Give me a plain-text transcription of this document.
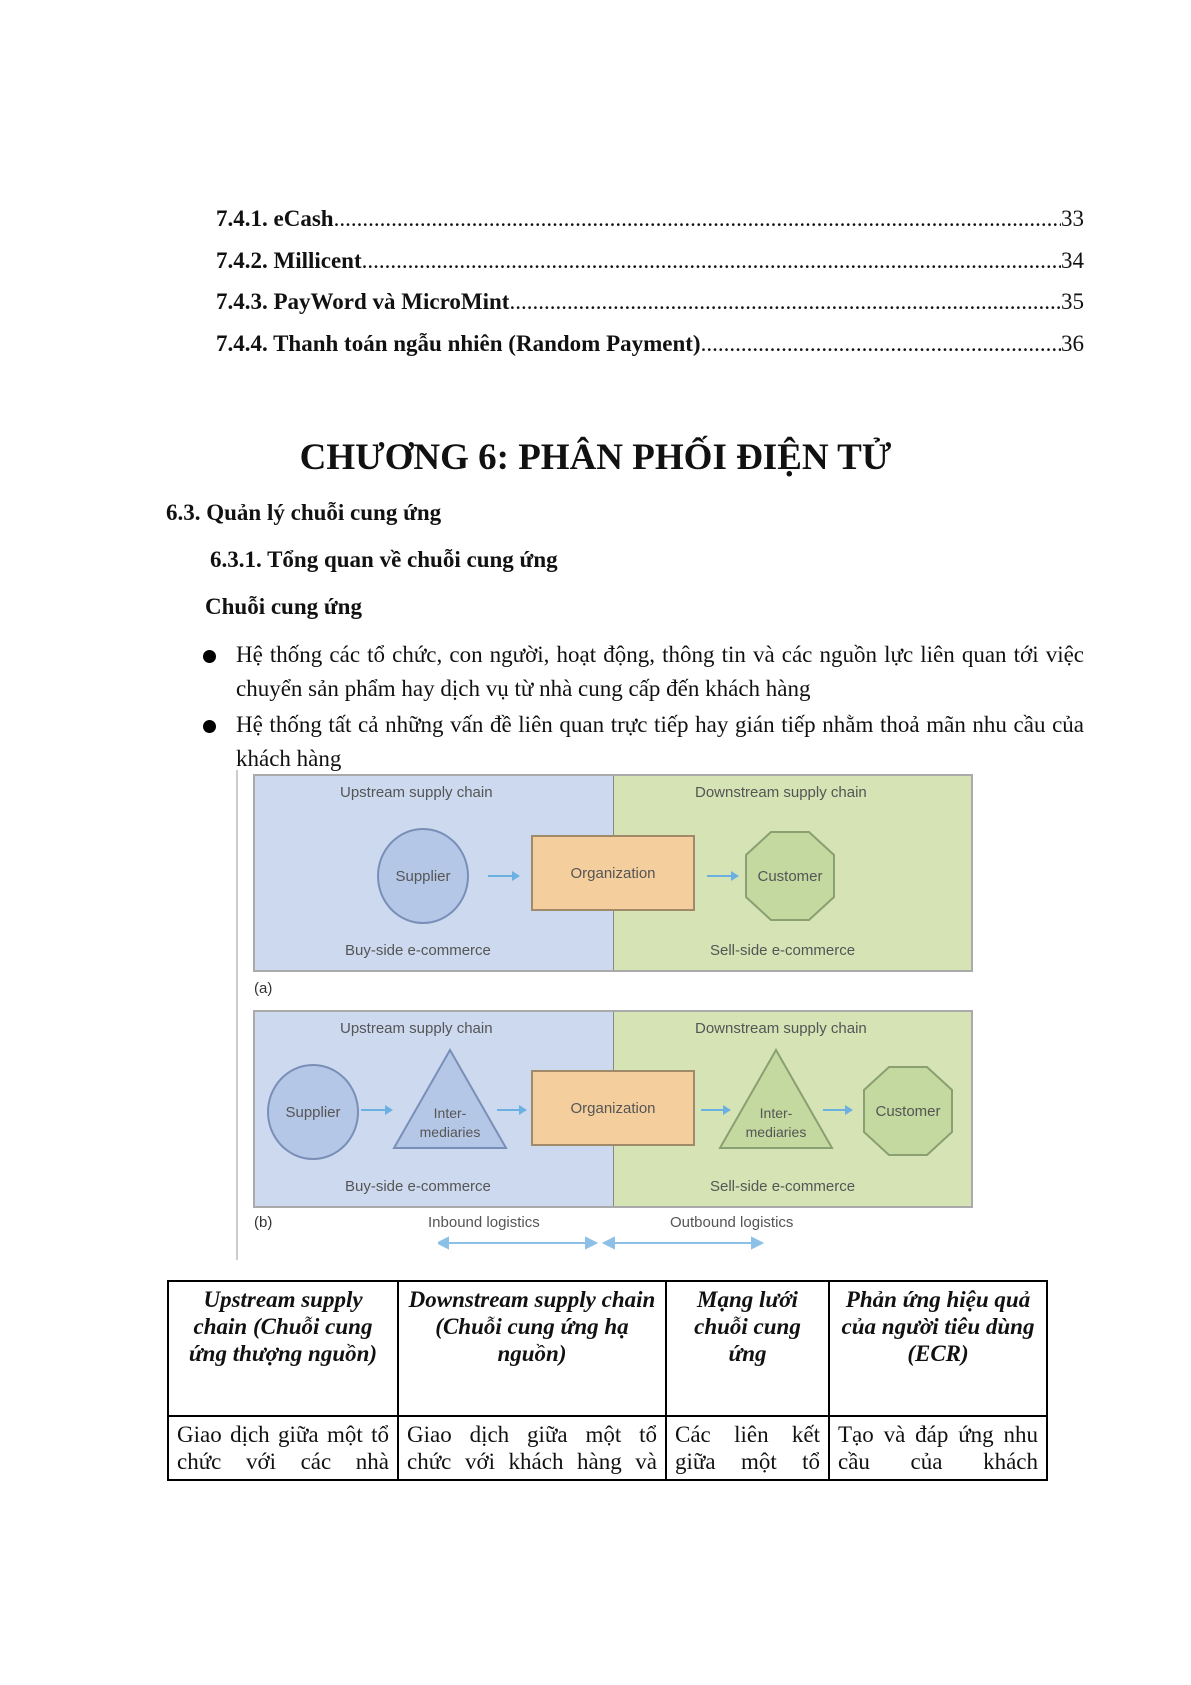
7.4.1. eCash .....	33
7.4.2. Millicent .....	34
7.4.3. PayWord và MicroMint .....	35
7.4.4. Thanh toán ngẫu nhiên (Random Payment) .....	36
CHƯƠNG 6: PHÂN PHỐI ĐIỆN TỬ
6.3. Quản lý chuỗi cung ứng
6.3.1. Tổng quan về chuỗi cung ứng
Chuỗi cung ứng
Hệ thống các tổ chức, con người, hoạt động, thông tin và các nguồn lực liên quan tới việc chuyển sản phẩm hay dịch vụ từ nhà cung cấp đến khách hàng
Hệ thống tất cả những vấn đề liên quan trực tiếp hay gián tiếp nhằm thoả mãn nhu cầu của khách hàng
Upstream supply chain	Downstream supply chain
Supplier	Organization	Customer
Buy-side e-commerce	Sell-side e-commerce
(a)
Upstream supply chain	Downstream supply chain
Supplier	Inter-
mediaries
Organization	Inter-
mediaries
Customer
Buy-side e-commerce	Sell-side e-commerce
(b)	Inbound logistics	Outbound logistics
Upstream supply chain (Chuỗi cung ứng thượng nguồn)	Downstream supply chain (Chuỗi cung ứng hạ nguồn)	Mạng lưới chuỗi cung ứng	Phản ứng hiệu quả của người tiêu dùng (ECR)
Giao dịch giữa một tổ chức với các nhà	Giao dịch giữa một tổ chức với khách hàng và	Các liên kết giữa một tổ	Tạo và đáp ứng nhu cầu của khách
